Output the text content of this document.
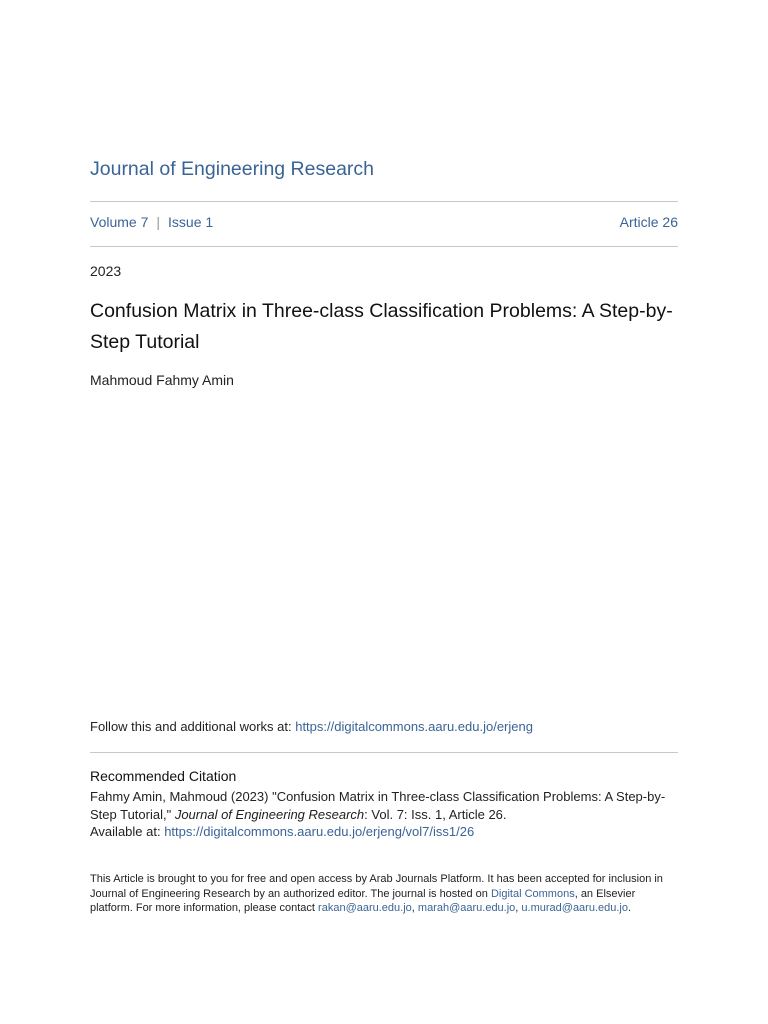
Journal of Engineering Research
Volume 7 | Issue 1	Article 26
2023
Confusion Matrix in Three-class Classification Problems: A Step-by-Step Tutorial
Mahmoud Fahmy Amin
Follow this and additional works at: https://digitalcommons.aaru.edu.jo/erjeng
Recommended Citation
Fahmy Amin, Mahmoud (2023) "Confusion Matrix in Three-class Classification Problems: A Step-by-Step Tutorial," Journal of Engineering Research: Vol. 7: Iss. 1, Article 26.
Available at: https://digitalcommons.aaru.edu.jo/erjeng/vol7/iss1/26
This Article is brought to you for free and open access by Arab Journals Platform. It has been accepted for inclusion in Journal of Engineering Research by an authorized editor. The journal is hosted on Digital Commons, an Elsevier platform. For more information, please contact rakan@aaru.edu.jo, marah@aaru.edu.jo, u.murad@aaru.edu.jo.
